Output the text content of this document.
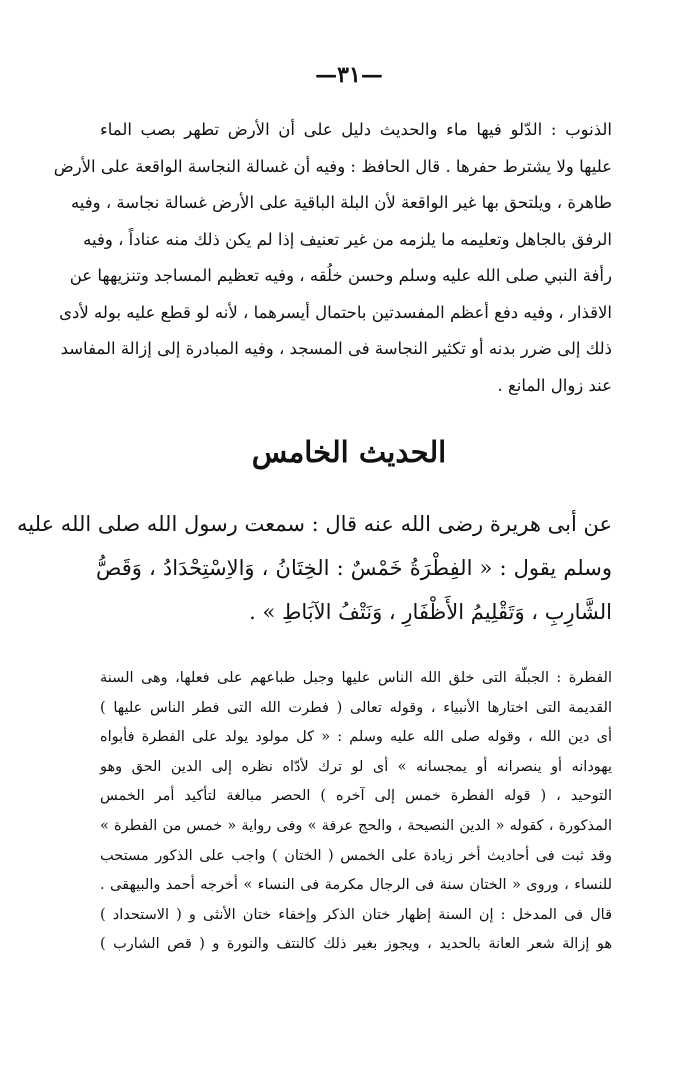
—٣١—
الذنوب : الدّلو فيها ماء والحديث دليل على أن الأرض تطهر بصب الماء
عليها ولا يشترط حفرها . قال الحافظ : وفيه أن غسالة النجاسة الواقعة على الأرض
طاهرة ، ويلتحق بها غير الواقعة لأن البلة الباقية على الأرض غسالة نجاسة ، وفيه
الرفق بالجاهل وتعليمه ما يلزمه من غير تعنيف إذا لم يكن ذلك منه عناداً ، وفيه
رأفة النبي صلى الله عليه وسلم وحسن خلُقه ، وفيه تعظيم المساجد وتنزيهها عن
الاقذار ، وفيه دفع أعظم المفسدتين باحتمال أيسرهما ، لأنه لو قطع عليه بوله لأدى
ذلك إلى ضرر بدنه أو تكثير النجاسة فى المسجد ، وفيه المبادرة إلى إزالة المفاسد
عند زوال المانع .
الحديث الخامس
عن أبى هريرة رضى الله عنه قال : سمعت رسول الله صلى الله عليه
وسلم يقول : « الفِطْرَةُ خَمْسٌ : الخِتَانُ ، وَالاِسْتِحْدَادُ ، وَقَصُّ
الشَّارِبِ ، وَتَقْلِيمُ الأَظْفَارِ ، وَنَتْفُ الآبَاطِ » .
الفطرة : الجبلّة التى خلق الله الناس عليها وجبل طباعهم على فعلها، وهى السنة
القديمة التى اختارها الأنبياء ، وقوله تعالى ( فطرت الله التى فطر الناس عليها )
أى دين الله ، وقوله صلى الله عليه وسلم : « كل مولود يولد على الفطرة فأبواه
يهودانه أو ينصرانه أو يمجسانه » أى لو ترك لأدّاه نظره إلى الدين الحق وهو
التوحيد ، ( قوله الفطرة خمس إلى آخره ) الحصر مبالغة لتأكيد أمر الخمس
المذكورة ، كقوله « الدين النصيحة ، والحج عرفة » وفى رواية « خمس من الفطرة »
وقد ثبت فى أحاديث أخر زيادة على الخمس ( الختان ) واجب على الذكور مستحب
للنساء ، وروى « الختان سنة فى الرجال مكرمة فى النساء » أخرجه أحمد والبيهقى .
قال فى المدخل : إن السنة إظهار ختان الذكر وإخفاء ختان الأنثى و ( الاستحداد )
هو إزالة شعر العانة بالحديد ، ويجوز بغير ذلك كالنتف والنورة و ( قص الشارب )
